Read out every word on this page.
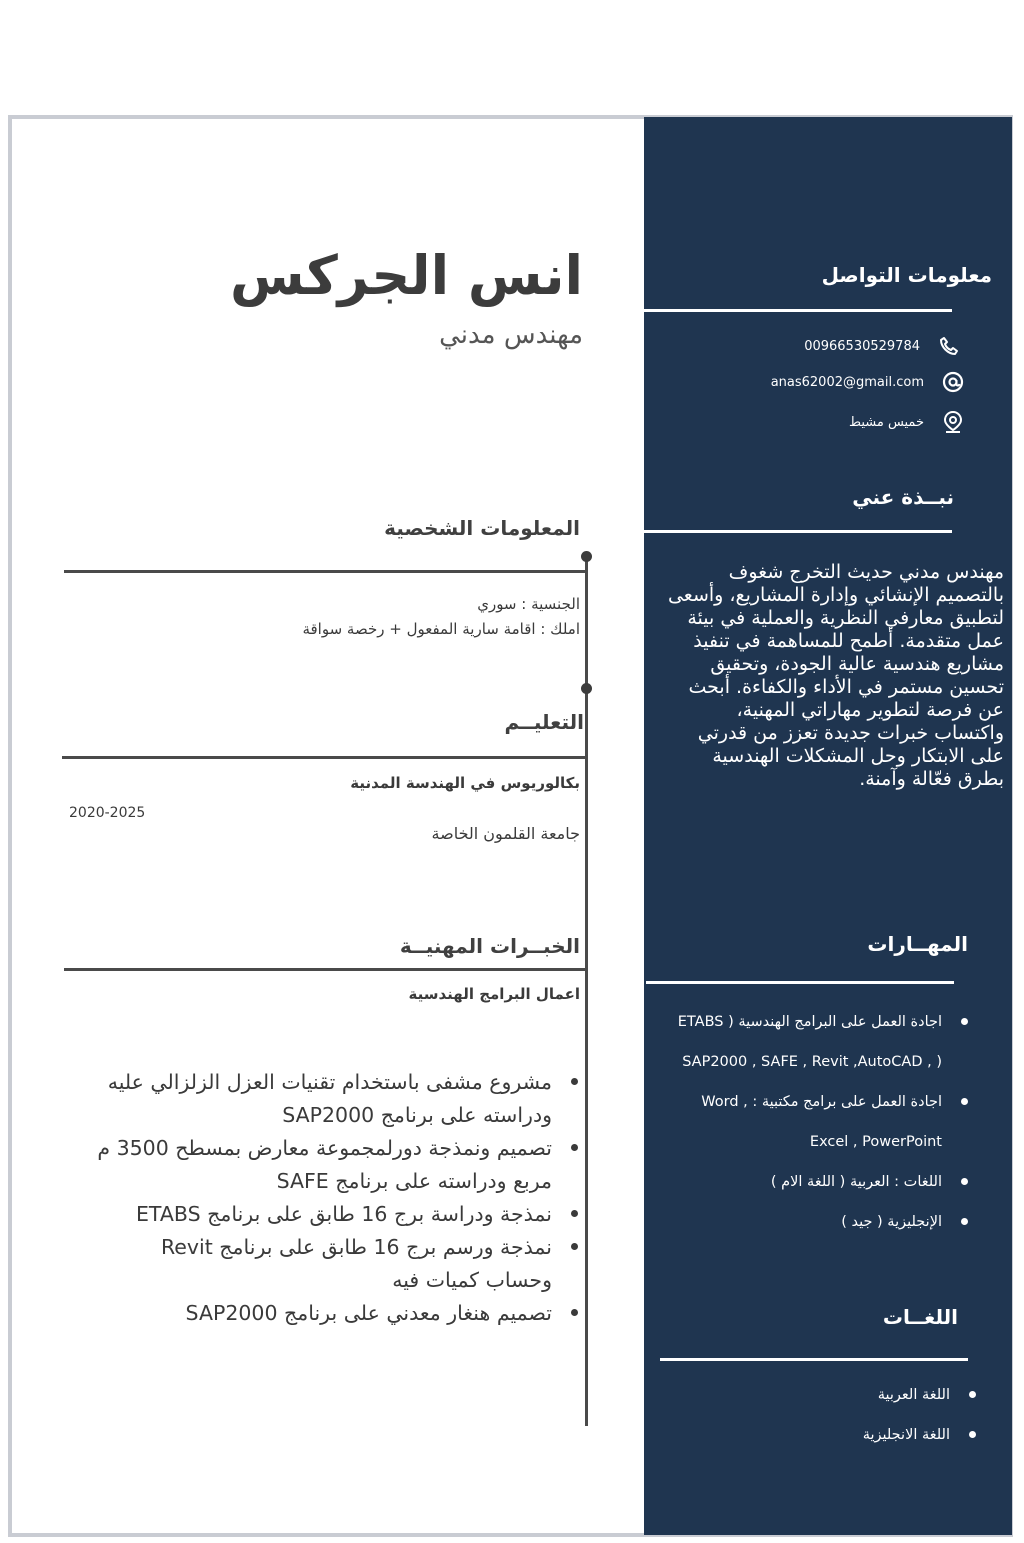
معلومات التواصل
00966530529784
anas62002@gmail.com
خميس مشيط
نبــذة عني
مهندس مدني حديث التخرج شغوف بالتصميم الإنشائي وإدارة المشاريع، وأسعى لتطبيق معارفي النظرية والعملية في بيئة عمل متقدمة. أطمح للمساهمة في تنفيذ مشاريع هندسية عالية الجودة، وتحقيق تحسين مستمر في الأداء والكفاءة. أبحث عن فرصة لتطوير مهاراتي المهنية، واكتساب خبرات جديدة تعزز من قدرتي على الابتكار وحل المشكلات الهندسية بطرق فعّالة وآمنة.
المهــارات
اجادة العمل على البرامج الهندسية ( ETABS
( , SAP2000 , SAFE , Revit ,AutoCAD
اجادة العمل على برامج مكتبية : , Word
Excel , PowerPoint
اللغات : العربية ( اللغة الام )
الإنجليزية ( جيد )
اللغــات
اللغة العربية
اللغة الانجليزية
انس الجركس
مهندس مدني
المعلومات الشخصية
الجنسية : سوري
املك : اقامة سارية المفعول + رخصة سواقة
التعليــم
بكالوريوس في الهندسة المدنية
2020-2025
جامعة القلمون الخاصة
الخبــرات المهنيــة
اعمال البرامج الهندسية
مشروع مشفى باستخدام تقنيات العزل الزلزالي عليه ودراسته على برنامج SAP2000
تصميم ونمذجة دورلمجموعة معارض بمسطح 3500 م مربع ودراسته على برنامج SAFE
نمذجة ودراسة برج 16 طابق على برنامج ETABS
نمذجة ورسم برج 16 طابق على برنامج Revit وحساب كميات فيه
تصميم هنغار معدني على برنامج SAP2000
